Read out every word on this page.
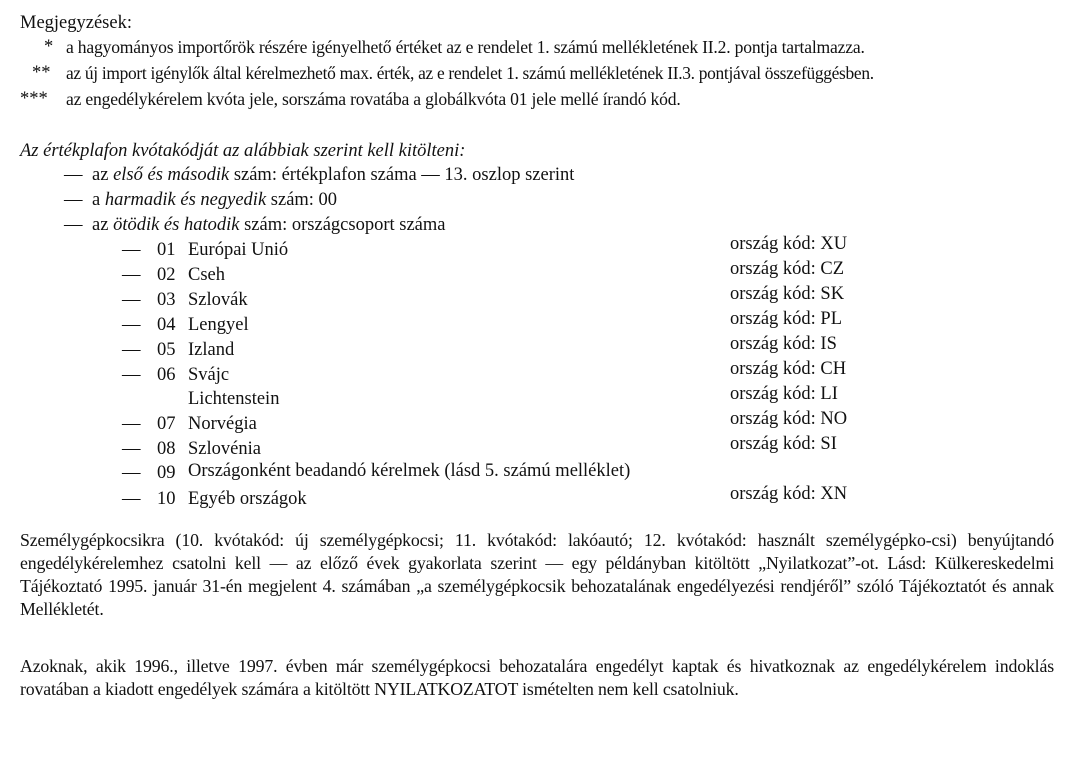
Megjegyzések:
* a hagyományos importőrök részére igényelhető értéket az e rendelet 1. számú mellékletének II.2. pontja tartalmazza.
** az új import igénylők által kérelmezhető max. érték, az e rendelet 1. számú mellékletének II.3. pontjával összefüggésben.
*** az engedélykérelem kvóta jele, sorszáma rovatába a globálkvóta 01 jele mellé írandó kód.
Az értékplafon kvótakódját az alábbiak szerint kell kitölteni:
— az első és második szám: értékplafon száma — 13. oszlop szerint
— a harmadik és negyedik szám: 00
— az ötödik és hatodik szám: országcsoport száma
— 01 Európai Unió	ország kód: XU
— 02 Cseh	ország kód: CZ
— 03 Szlovák	ország kód: SK
— 04 Lengyel	ország kód: PL
— 05 Izland	ország kód: IS
— 06 Svájc	ország kód: CH
Lichtenstein	ország kód: LI
— 07 Norvégia	ország kód: NO
— 08 Szlovénia	ország kód: SI
— 09 Országonként beadandó kérelmek (lásd 5. számú melléklet)
— 10 Egyéb országok	ország kód: XN
Személygépkocsikra (10. kvótakód: új személygépkocsi; 11. kvótakód: lakóautó; 12. kvótakód: használt személygépko-csi) benyújtandó engedélykérelemhez csatolni kell — az előző évek gyakorlata szerint — egy példányban kitöltött „Nyilatkozat”-ot. Lásd: Külkereskedelmi Tájékoztató 1995. január 31-én megjelent 4. számában „a személygépkocsik behozatalának engedélyezési rendjéről” szóló Tájékoztatót és annak Mellékletét.
Azoknak, akik 1996., illetve 1997. évben már személygépkocsi behozatalára engedélyt kaptak és hivatkoznak az engedélykérelem indoklás rovatában a kiadott engedélyek számára a kitöltött NYILATKOZATOT ismételten nem kell csatolniuk.
